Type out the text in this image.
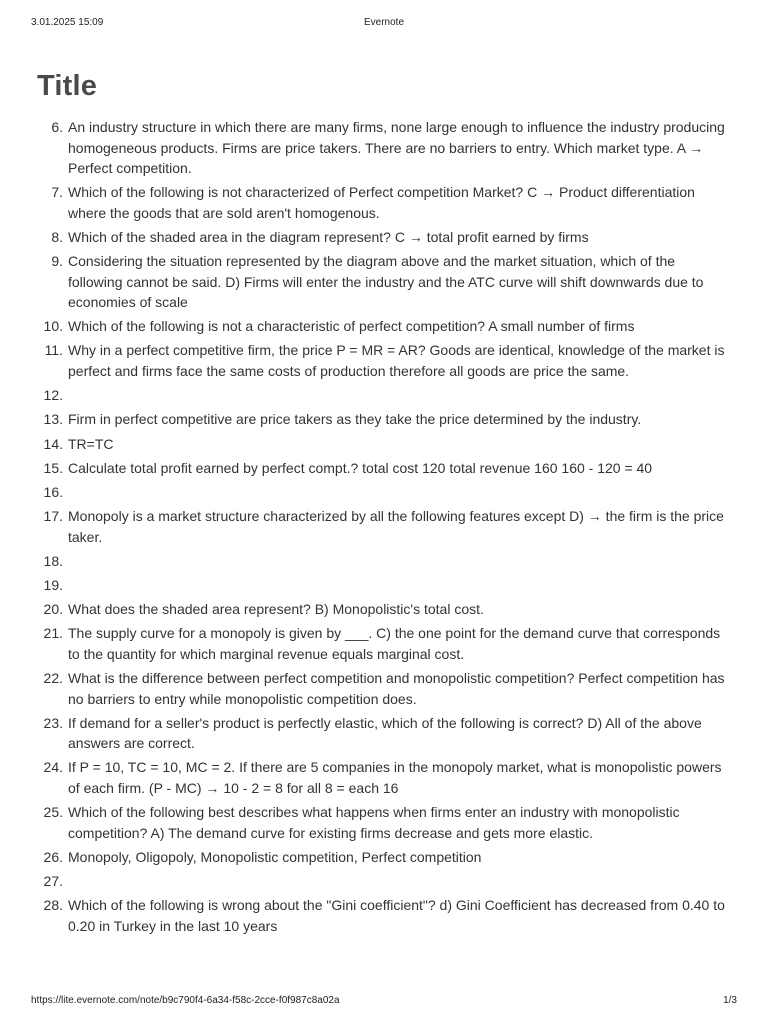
3.01.2025 15:09	Evernote
Title
6. An industry structure in which there are many firms, none large enough to influence the industry producing homogeneous products. Firms are price takers. There are no barriers to entry. Which market type. A → Perfect competition.
7. Which of the following is not characterized of Perfect competition Market? C → Product differentiation where the goods that are sold aren't homogenous.
8. Which of the shaded area in the diagram represent? C → total profit earned by firms
9. Considering the situation represented by the diagram above and the market situation, which of the following cannot be said. D) Firms will enter the industry and the ATC curve will shift downwards due to economies of scale
10. Which of the following is not a characteristic of perfect competition? A small number of firms
11. Why in a perfect competitive firm, the price P = MR = AR? Goods are identical, knowledge of the market is perfect and firms face the same costs of production therefore all goods are price the same.
12.
13. Firm in perfect competitive are price takers as they take the price determined by the industry.
14. TR=TC
15. Calculate total profit earned by perfect compt.? total cost 120 total revenue 160 160 - 120 = 40
16.
17. Monopoly is a market structure characterized by all the following features except D) → the firm is the price taker.
18.
19.
20. What does the shaded area represent? B) Monopolistic's total cost.
21. The supply curve for a monopoly is given by ___. C) the one point for the demand curve that corresponds to the quantity for which marginal revenue equals marginal cost.
22. What is the difference between perfect competition and monopolistic competition? Perfect competition has no barriers to entry while monopolistic competition does.
23. If demand for a seller's product is perfectly elastic, which of the following is correct? D) All of the above answers are correct.
24. If P = 10, TC = 10, MC = 2. If there are 5 companies in the monopoly market, what is monopolistic powers of each firm. (P - MC) → 10 - 2 = 8 for all 8 = each 16
25. Which of the following best describes what happens when firms enter an industry with monopolistic competition? A) The demand curve for existing firms decrease and gets more elastic.
26. Monopoly, Oligopoly, Monopolistic competition, Perfect competition
27.
28. Which of the following is wrong about the "Gini coefficient"? d) Gini Coefficient has decreased from 0.40 to 0.20 in Turkey in the last 10 years
https://lite.evernote.com/note/b9c790f4-6a34-f58c-2cce-f0f987c8a02a	1/3
